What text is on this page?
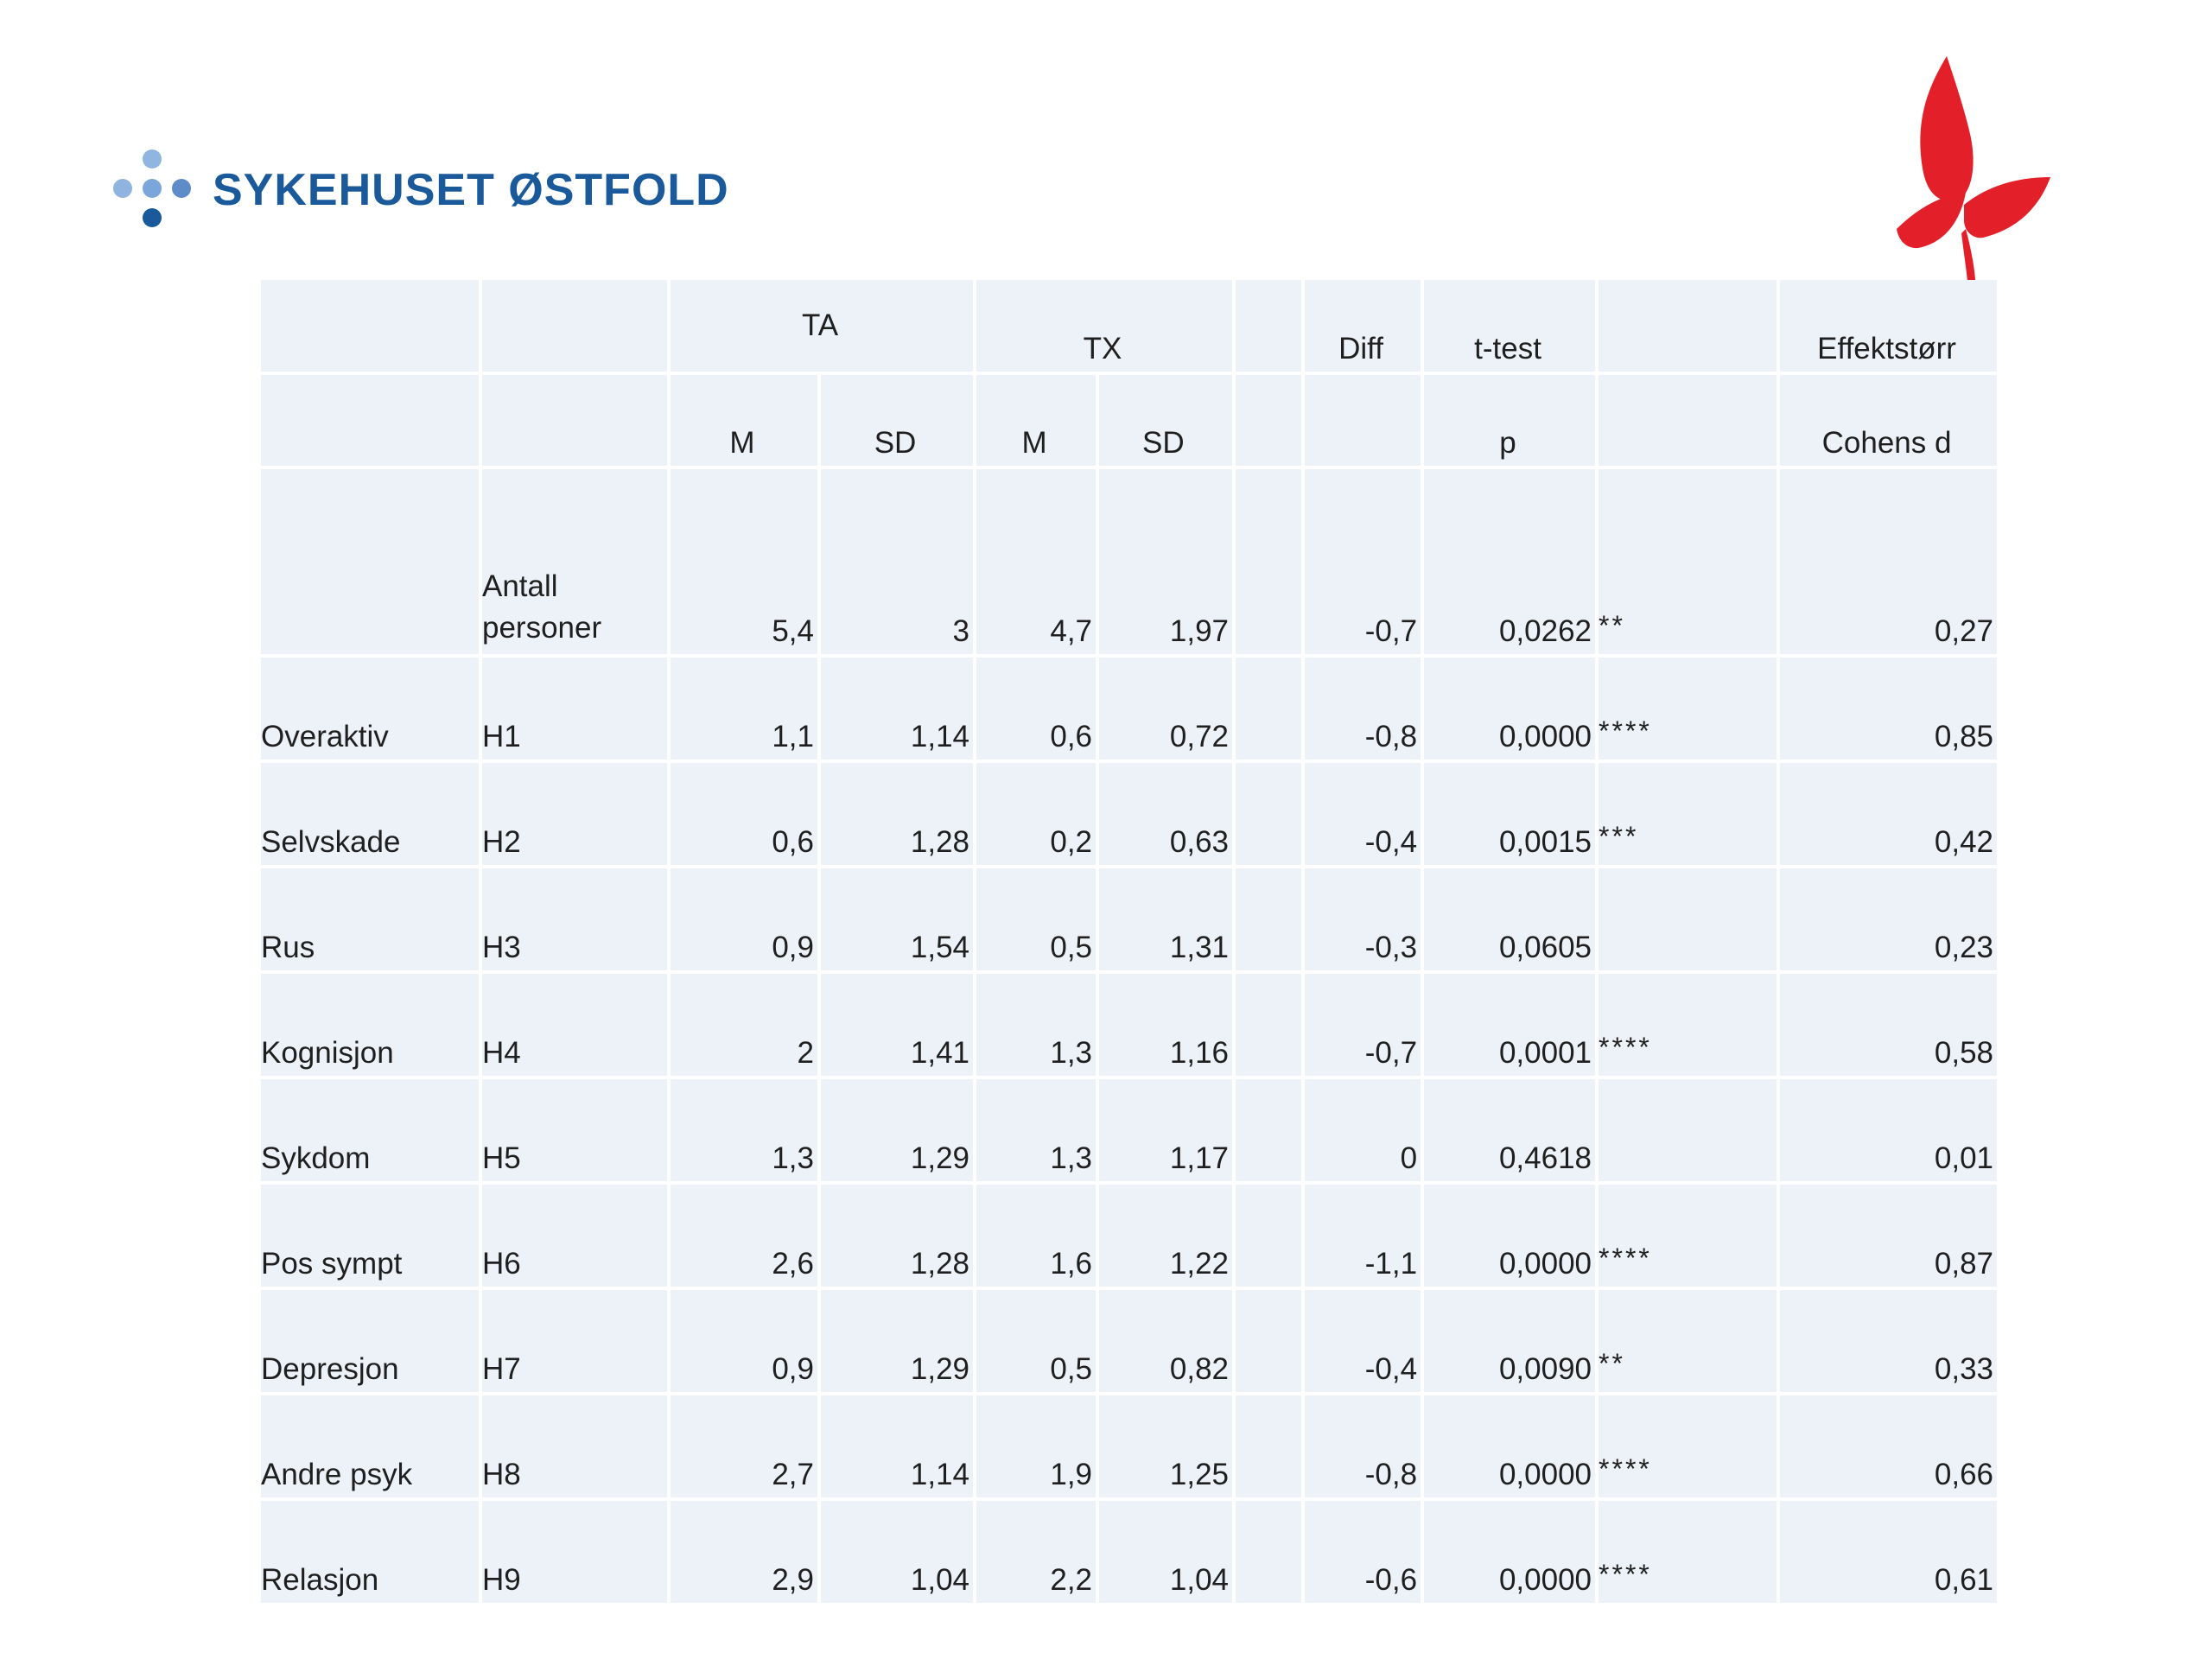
SYKEHUSET ØSTFOLD
		TA		TX			Diff	t-test		Effektstørr
		M	SD	M	SD			p		Cohens d
	Antall personer	5,4	3	4,7	1,97		-0,7	0,0262	**	0,27
Overaktiv	H1	1,1	1,14	0,6	0,72		-0,8	0,0000	****	0,85
Selvskade	H2	0,6	1,28	0,2	0,63		-0,4	0,0015	***	0,42
Rus	H3	0,9	1,54	0,5	1,31		-0,3	0,0605		0,23
Kognisjon	H4	2	1,41	1,3	1,16		-0,7	0,0001	****	0,58
Sykdom	H5	1,3	1,29	1,3	1,17		0	0,4618		0,01
Pos sympt	H6	2,6	1,28	1,6	1,22		-1,1	0,0000	****	0,87
Depresjon	H7	0,9	1,29	0,5	0,82		-0,4	0,0090	**	0,33
Andre psyk	H8	2,7	1,14	1,9	1,25		-0,8	0,0000	****	0,66
Relasjon	H9	2,9	1,04	2,2	1,04		-0,6	0,0000	****	0,61
